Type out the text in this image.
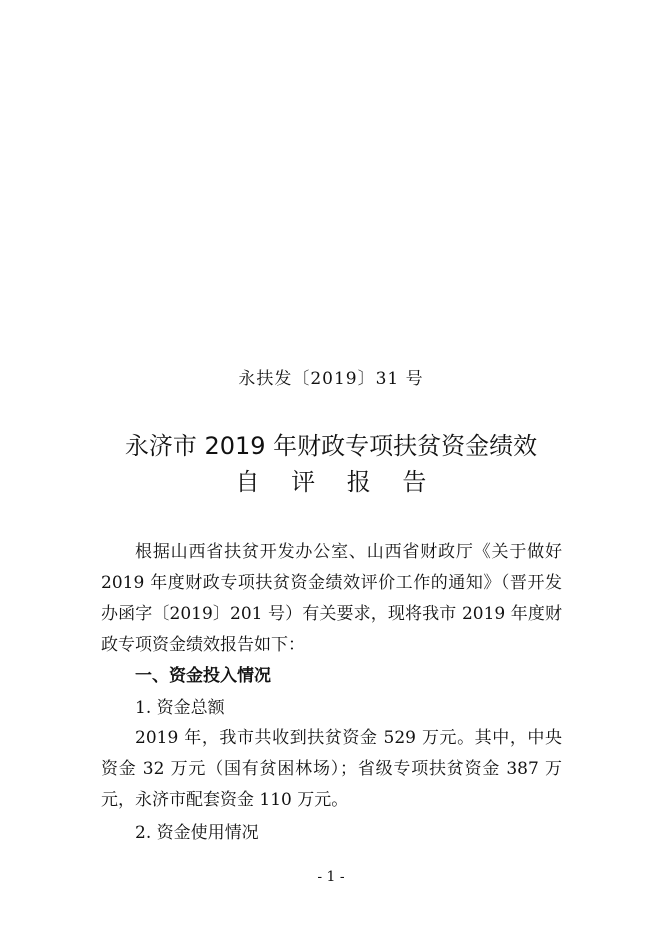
永扶发〔2019〕31 号
永济市 2019 年财政专项扶贫资金绩效
自 评 报 告

根据山西省扶贫开发办公室、山西省财政厅《关于做好2019 年度财政专项扶贫资金绩效评价工作的通知》（晋开发办函字〔2019〕201 号）有关要求，现将我市 2019 年度财政专项资金绩效报告如下：

一、资金投入情况
1. 资金总额

2019 年，我市共收到扶贫资金 529 万元。其中，中央资金 32 万元（国有贫困林场）；省级专项扶贫资金 387 万元，永济市配套资金 110 万元。

2. 资金使用情况
- 1 -
